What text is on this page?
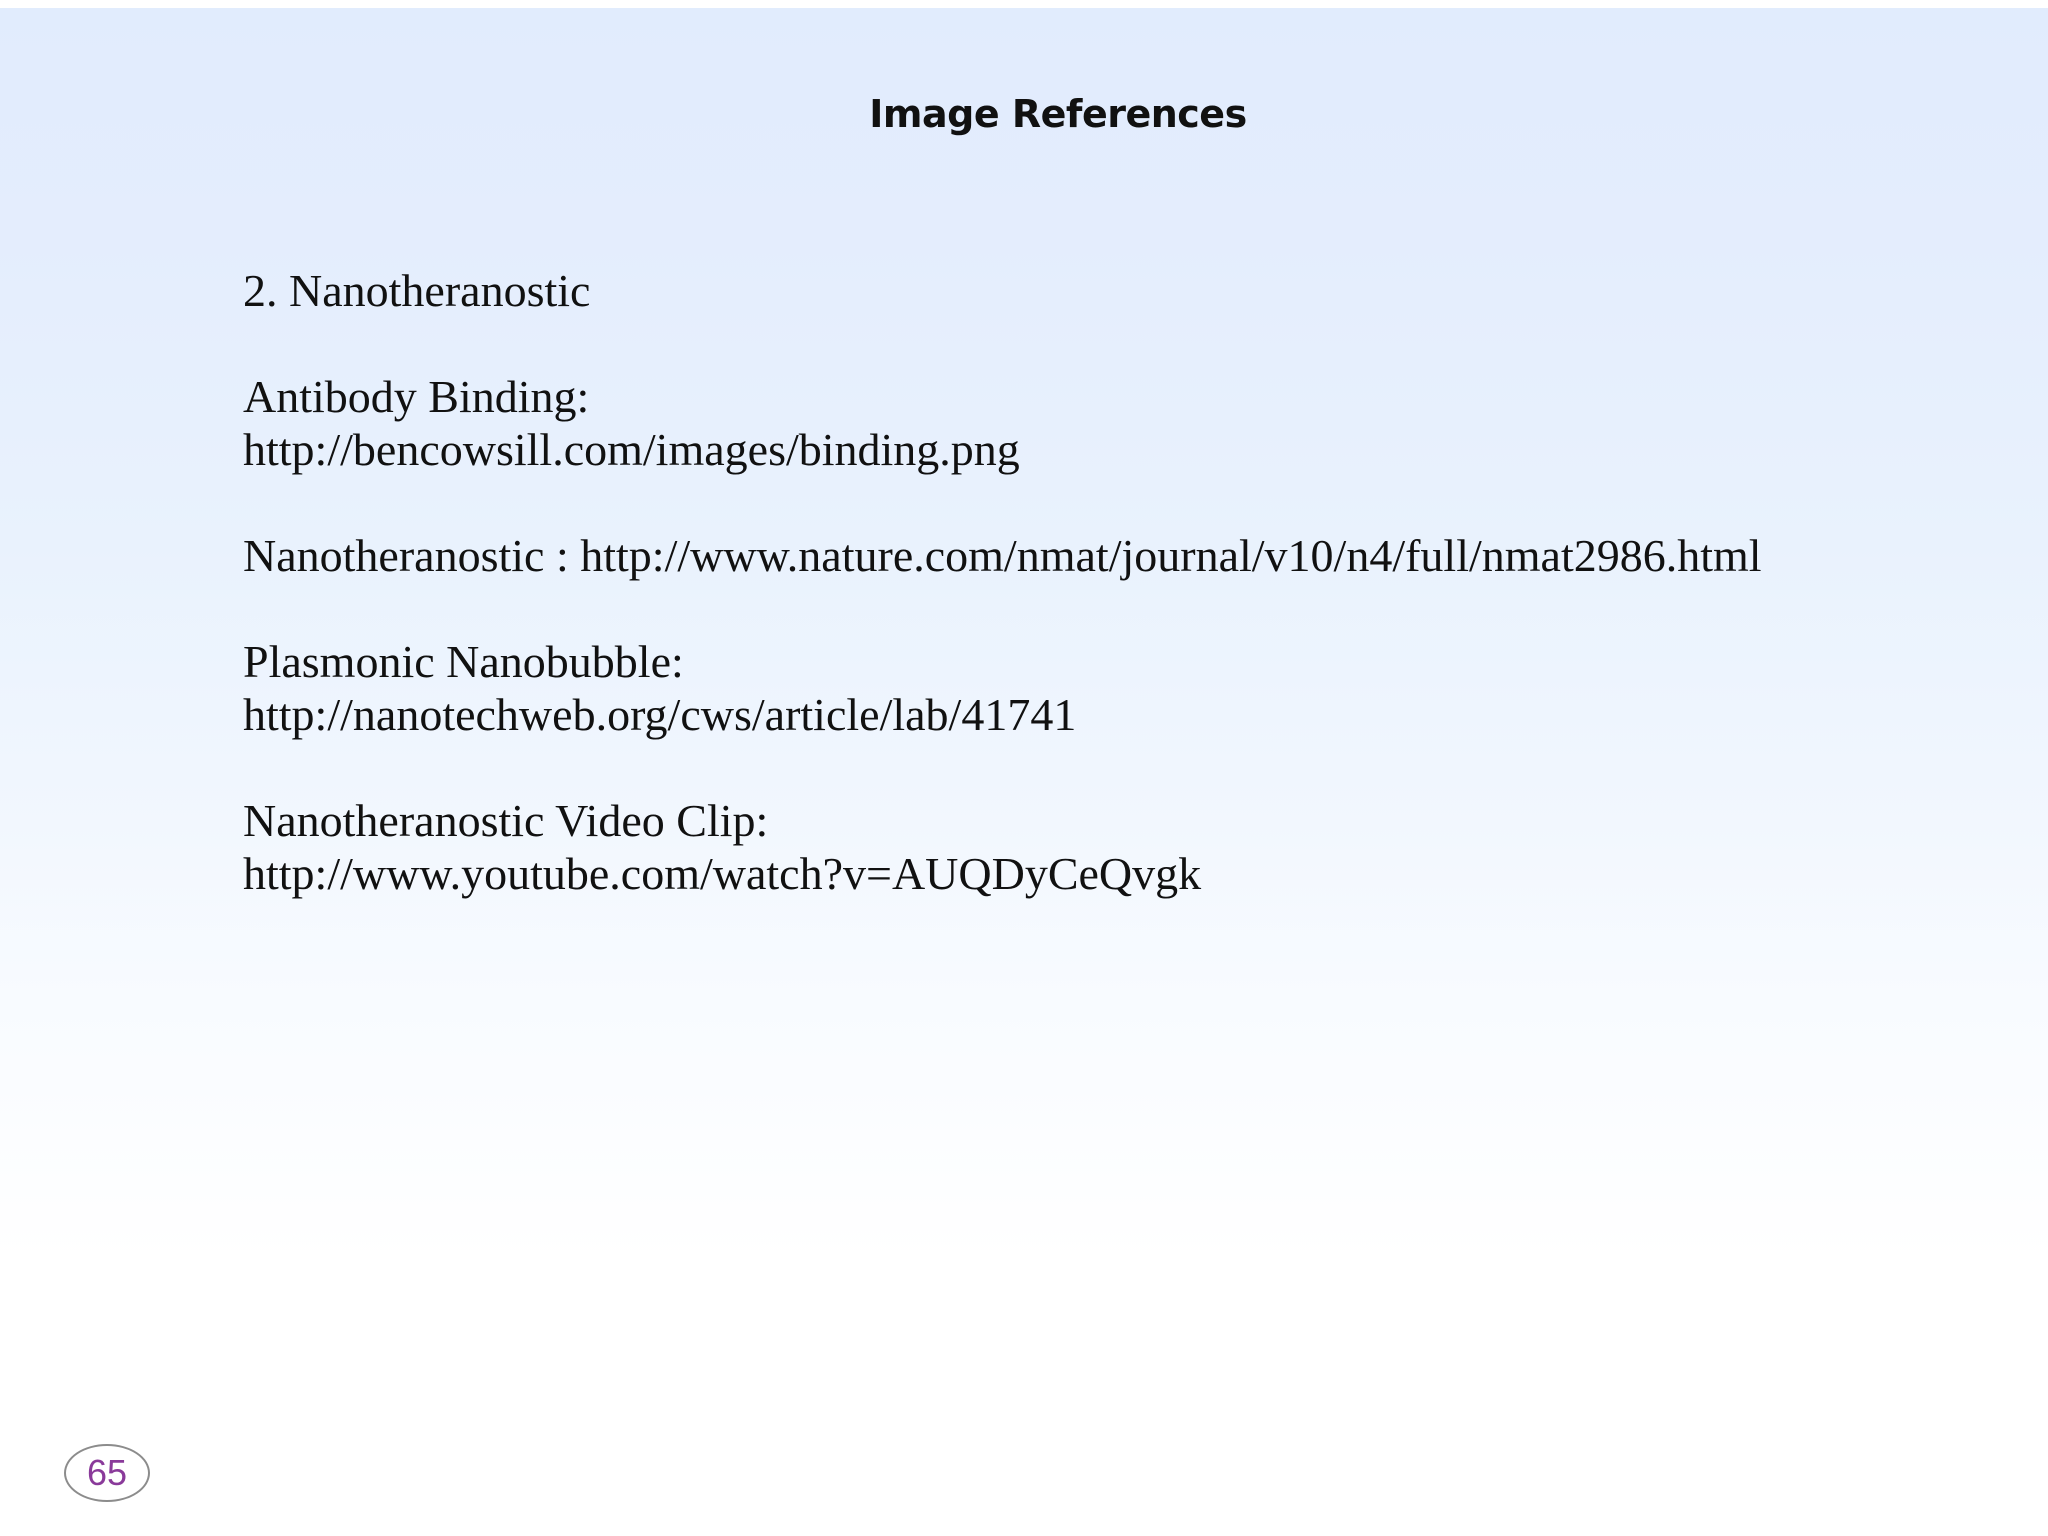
Image References
2. Nanotheranostic
Antibody Binding:
http://bencowsill.com/images/binding.png
Nanotheranostic : http://www.nature.com/nmat/journal/v10/n4/full/nmat2986.html
Plasmonic Nanobubble:
http://nanotechweb.org/cws/article/lab/41741
Nanotheranostic Video Clip:
http://www.youtube.com/watch?v=AUQDyCeQvgk
65
